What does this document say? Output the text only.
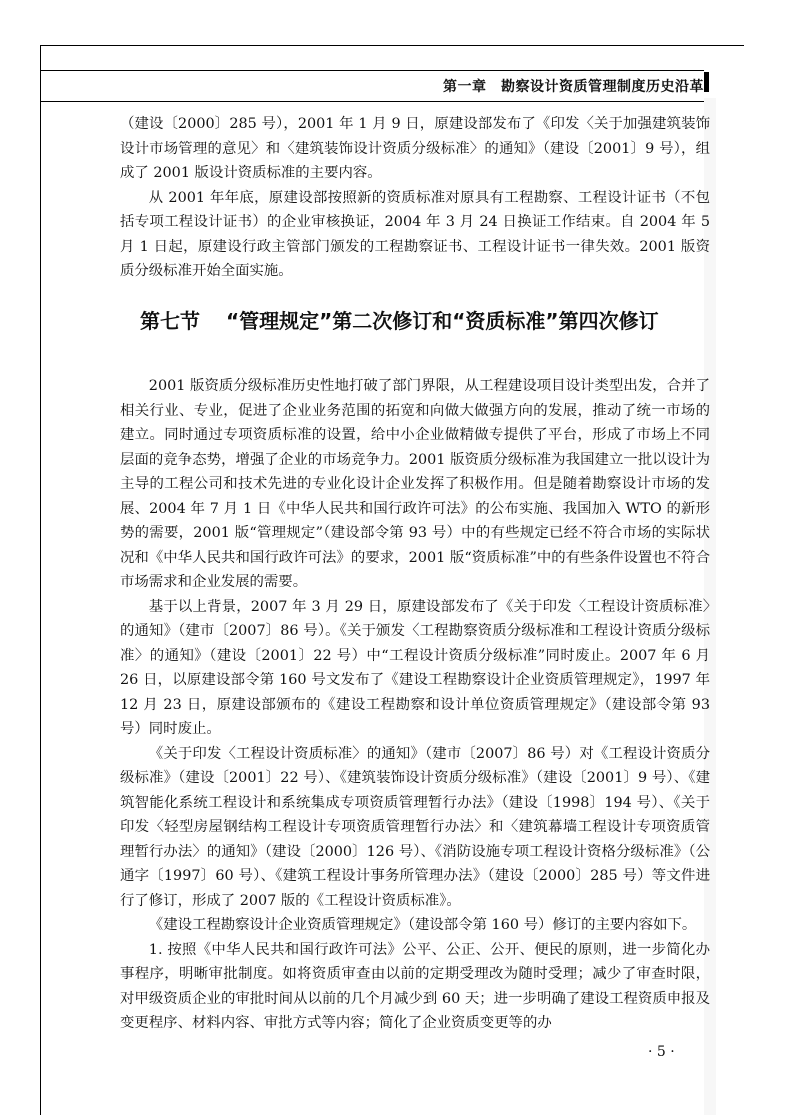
第一章　勘察设计资质管理制度历史沿革

（建设〔2000〕285 号），2001 年 1 月 9 日，原建设部发布了《印发〈关于加强建筑装饰设计市场管理的意见〉和〈建筑装饰设计资质分级标准〉的通知》（建设〔2001〕9 号），组成了 2001 版设计资质标准的主要内容。

从 2001 年年底，原建设部按照新的资质标准对原具有工程勘察、工程设计证书（不包括专项工程设计证书）的企业审核换证，2004 年 3 月 24 日换证工作结束。自 2004 年 5 月 1 日起，原建设行政主管部门颁发的工程勘察证书、工程设计证书一律失效。2001 版资质分级标准开始全面实施。

第七节 “管理规定”第二次修订和“资质标准”第四次修订

2001 版资质分级标准历史性地打破了部门界限，从工程建设项目设计类型出发，合并了相关行业、专业，促进了企业业务范围的拓宽和向做大做强方向的发展，推动了统一市场的建立。同时通过专项资质标准的设置，给中小企业做精做专提供了平台，形成了市场上不同层面的竞争态势，增强了企业的市场竞争力。2001 版资质分级标准为我国建立一批以设计为主导的工程公司和技术先进的专业化设计企业发挥了积极作用。但是随着勘察设计市场的发展、2004 年 7 月 1 日《中华人民共和国行政许可法》的公布实施、我国加入 WTO 的新形势的需要，2001 版“管理规定”（建设部令第 93 号）中的有些规定已经不符合市场的实际状况和《中华人民共和国行政许可法》的要求，2001 版“资质标准”中的有些条件设置也不符合市场需求和企业发展的需要。

基于以上背景，2007 年 3 月 29 日，原建设部发布了《关于印发〈工程设计资质标准〉的通知》（建市〔2007〕86 号）。《关于颁发〈工程勘察资质分级标准和工程设计资质分级标准〉的通知》（建设〔2001〕22 号）中“工程设计资质分级标准”同时废止。2007 年 6 月 26 日，以原建设部令第 160 号文发布了《建设工程勘察设计企业资质管理规定》，1997 年 12 月 23 日，原建设部颁布的《建设工程勘察和设计单位资质管理规定》（建设部令第 93 号）同时废止。

《关于印发〈工程设计资质标准〉的通知》（建市〔2007〕86 号）对《工程设计资质分级标准》（建设〔2001〕22 号）、《建筑装饰设计资质分级标准》（建设〔2001〕9 号）、《建筑智能化系统工程设计和系统集成专项资质管理暂行办法》（建设〔1998〕194 号）、《关于印发〈轻型房屋钢结构工程设计专项资质管理暂行办法〉和〈建筑幕墙工程设计专项资质管理暂行办法〉的通知》（建设〔2000〕126 号）、《消防设施专项工程设计资格分级标准》（公通字〔1997〕60 号）、《建筑工程设计事务所管理办法》（建设〔2000〕285 号）等文件进行了修订，形成了 2007 版的《工程设计资质标准》。

《建设工程勘察设计企业资质管理规定》（建设部令第 160 号）修订的主要内容如下。

1. 按照《中华人民共和国行政许可法》公平、公正、公开、便民的原则，进一步简化办事程序，明晰审批制度。如将资质审查由以前的定期受理改为随时受理；减少了审查时限，对甲级资质企业的审批时间从以前的几个月减少到 60 天；进一步明确了建设工程资质申报及变更程序、材料内容、审批方式等内容；简化了企业资质变更等的办

· 5 ·
